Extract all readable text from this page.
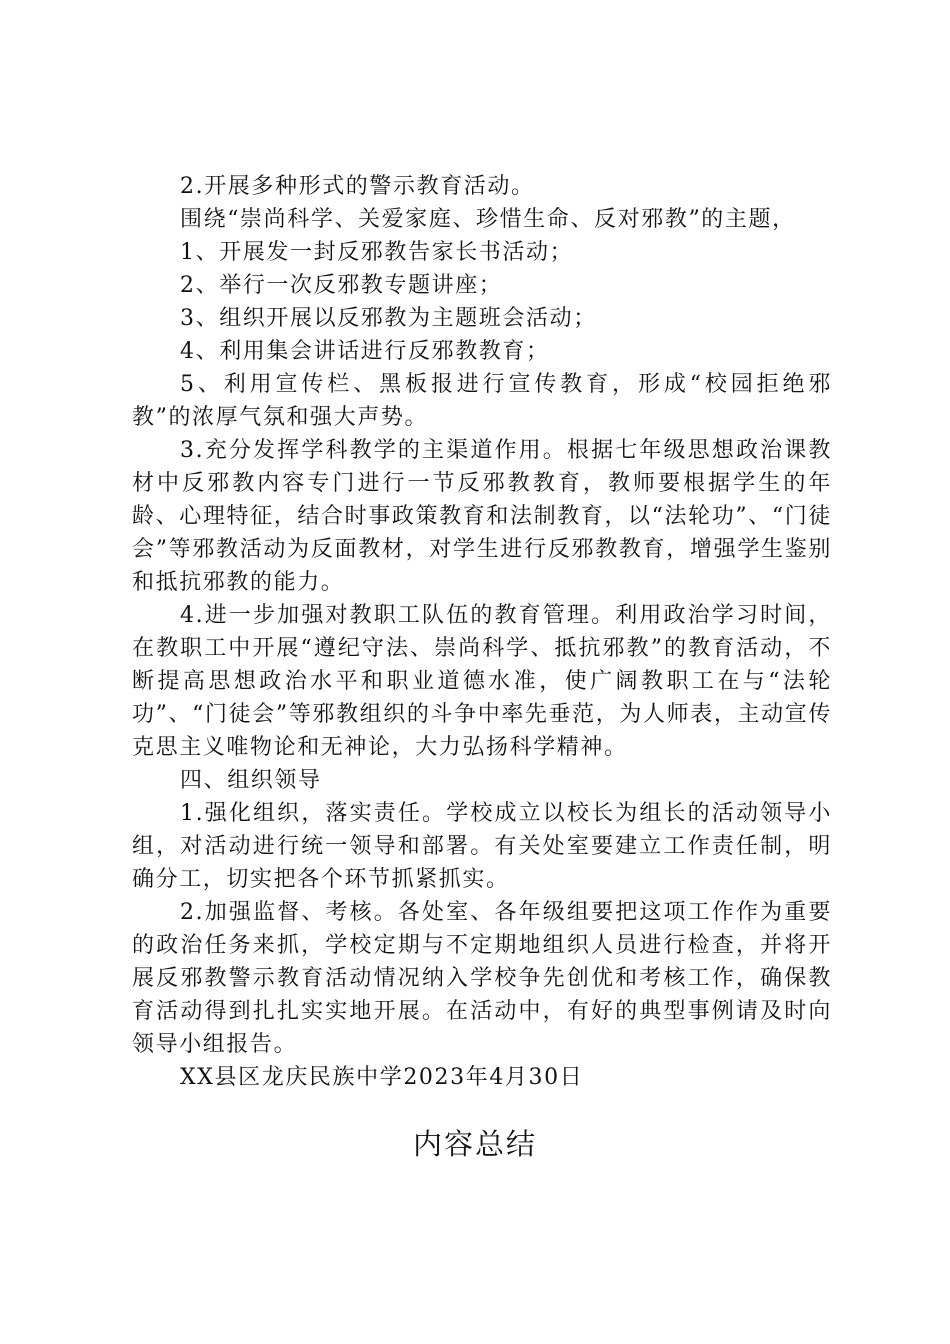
2.开展多种形式的警示教育活动。

围绕“崇尚科学、关爱家庭、珍惜生命、反对邪教”的主题，

1、开展发一封反邪教告家长书活动；

2、举行一次反邪教专题讲座；

3、组织开展以反邪教为主题班会活动；

4、利用集会讲话进行反邪教教育；

5、利用宣传栏、黑板报进行宣传教育，形成“校园拒绝邪教”的浓厚气氛和强大声势。

3.充分发挥学科教学的主渠道作用。根据七年级思想政治课教材中反邪教内容专门进行一节反邪教教育，教师要根据学生的年龄、心理特征，结合时事政策教育和法制教育，以“法轮功”、“门徒会”等邪教活动为反面教材，对学生进行反邪教教育，增强学生鉴别和抵抗邪教的能力。

4.进一步加强对教职工队伍的教育管理。利用政治学习时间，在教职工中开展“遵纪守法、崇尚科学、抵抗邪教”的教育活动，不断提高思想政治水平和职业道德水准，使广阔教职工在与“法轮功”、“门徒会”等邪教组织的斗争中率先垂范，为人师表，主动宣传克思主义唯物论和无神论，大力弘扬科学精神。

四、组织领导

1.强化组织，落实责任。学校成立以校长为组长的活动领导小组，对活动进行统一领导和部署。有关处室要建立工作责任制，明确分工，切实把各个环节抓紧抓实。

2.加强监督、考核。各处室、各年级组要把这项工作作为重要的政治任务来抓，学校定期与不定期地组织人员进行检查，并将开展反邪教警示教育活动情况纳入学校争先创优和考核工作，确保教育活动得到扎扎实实地开展。在活动中，有好的典型事例请及时向领导小组报告。

XX县区龙庆民族中学2023年4月30日

内容总结
